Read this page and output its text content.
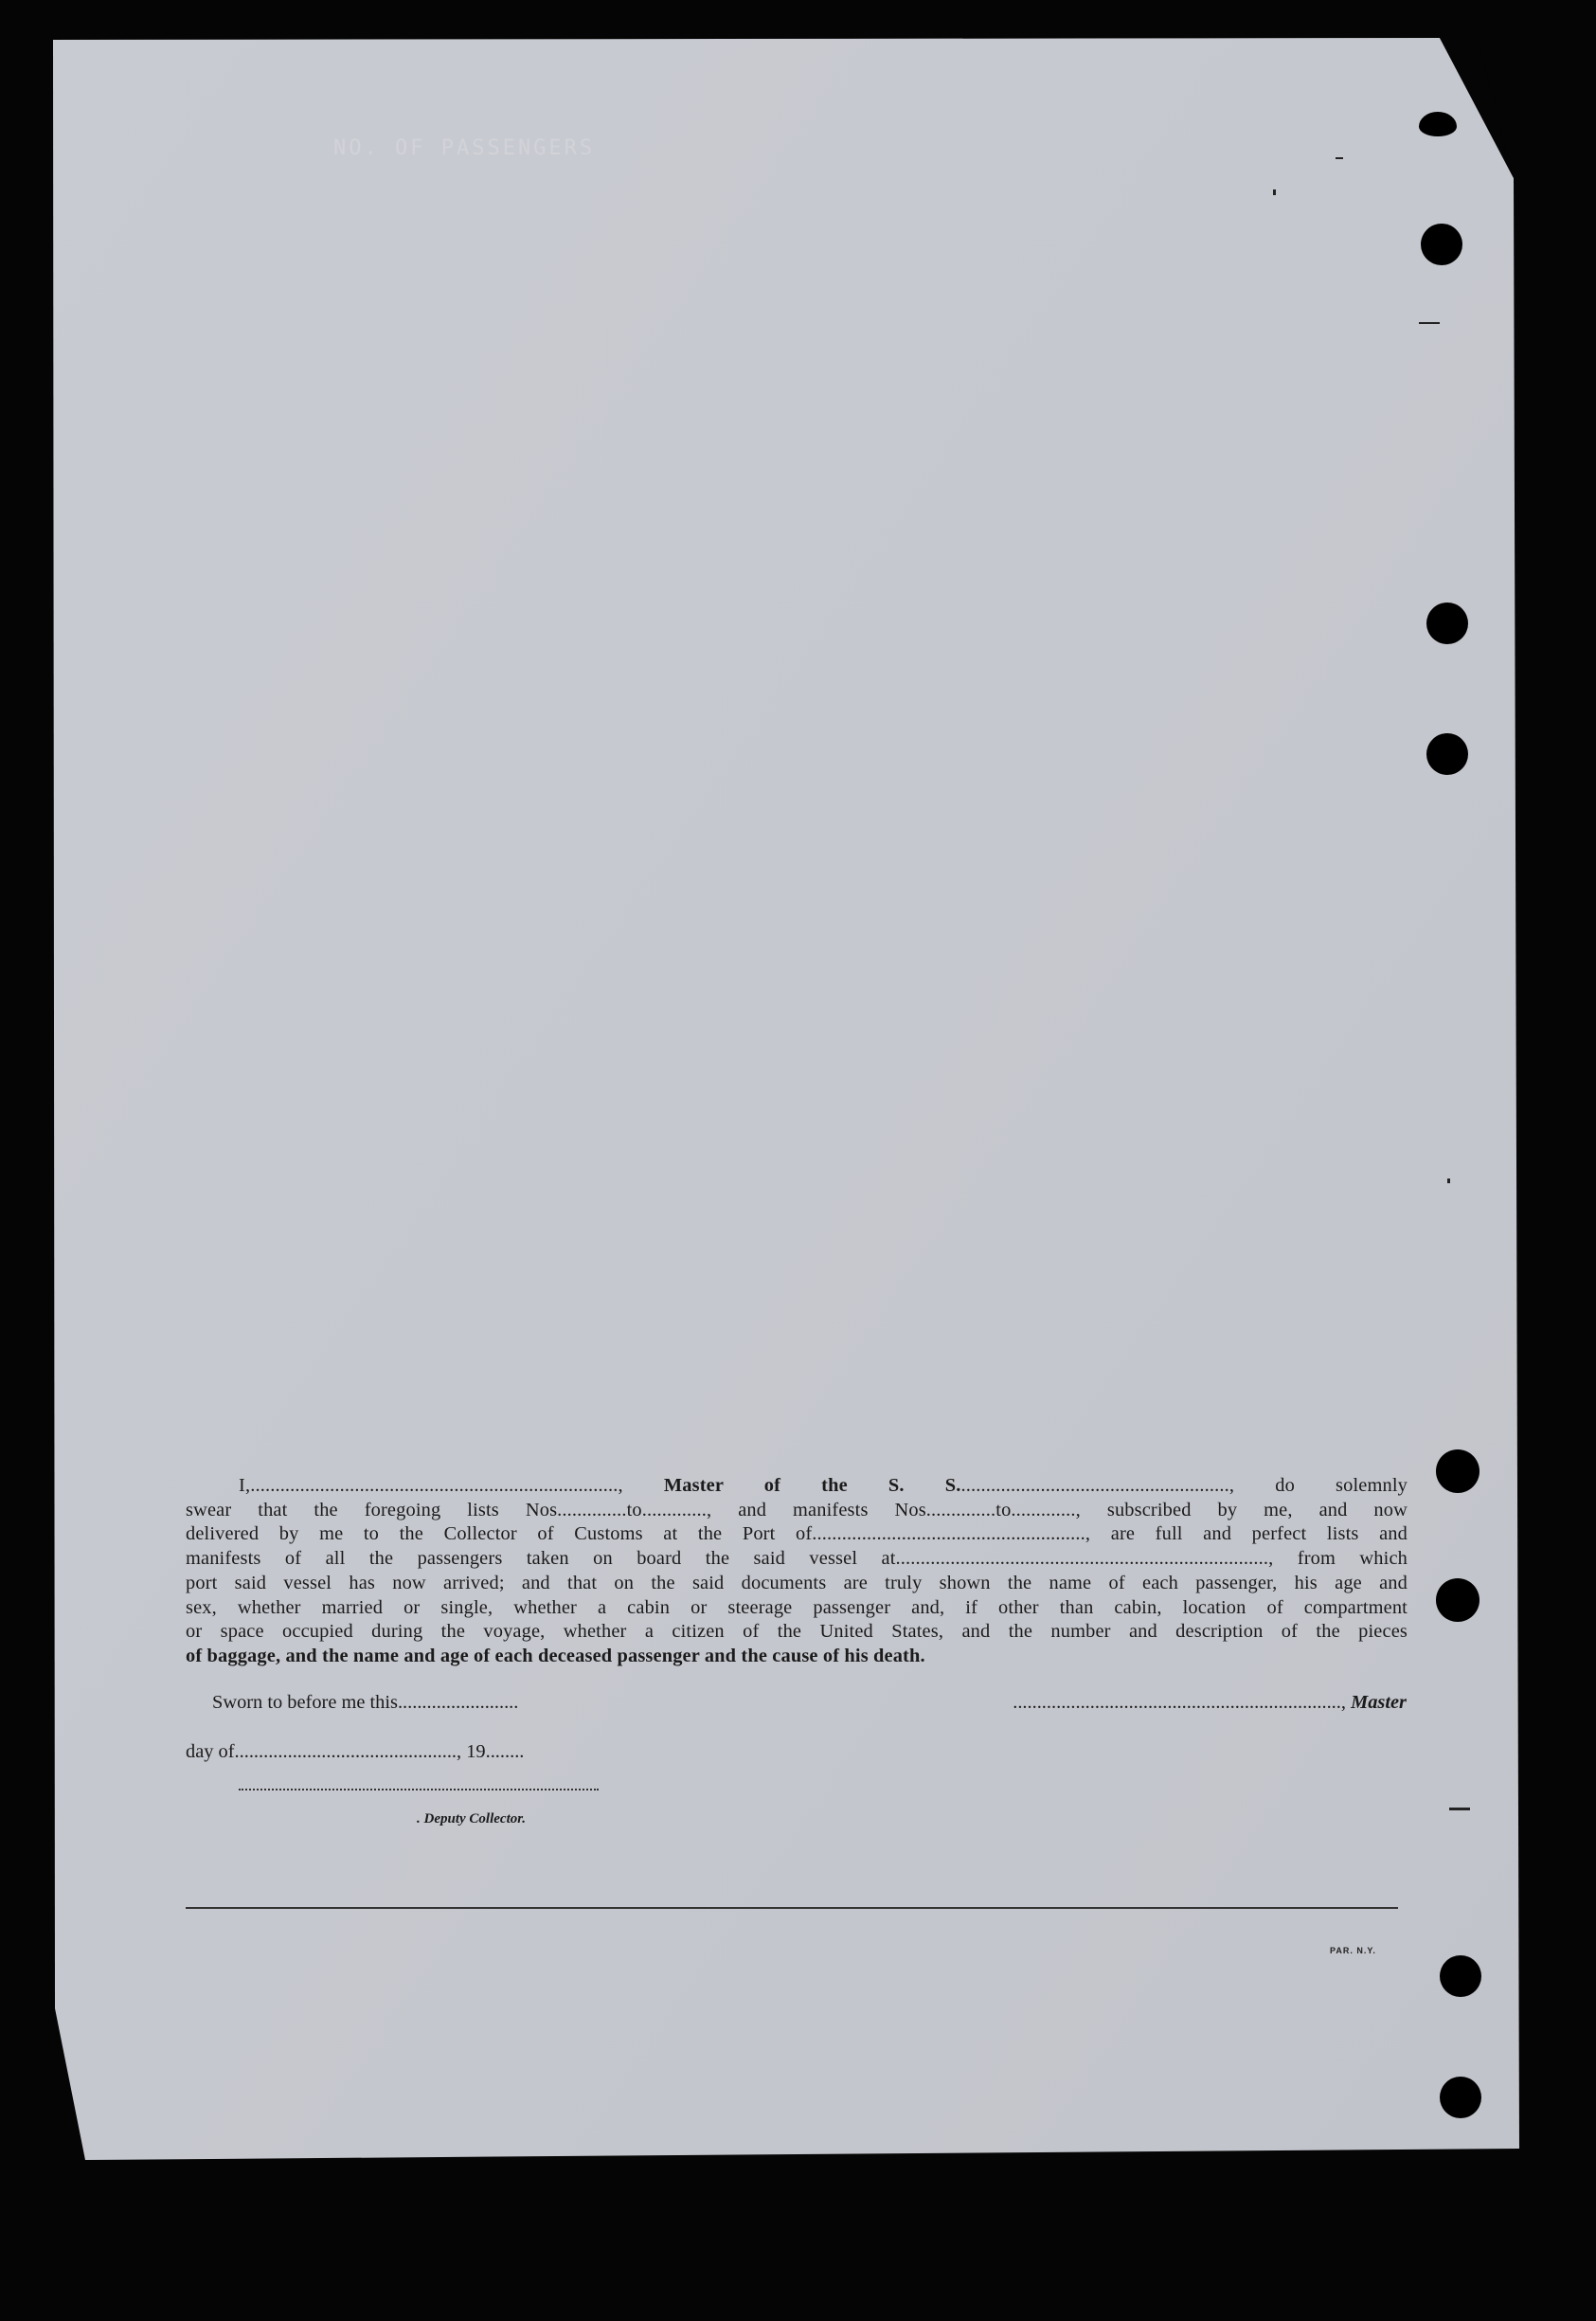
NO. OF PASSENGERS
I,.........................................................................., Master of the S. S......................................................., do solemnly
swear that the foregoing lists Nos..............to............., and manifests Nos..............to............., subscribed by me, and now
delivered by me to the Collector of Customs at the Port of......................................................., are full and perfect lists and
manifests of all the passengers taken on board the said vessel at..........................................................................., from which
port said vessel has now arrived; and that on the said documents are truly shown the name of each passenger, his age and
sex, whether married or single, whether a cabin or steerage passenger and, if other than cabin, location of compartment
or space occupied during the voyage, whether a citizen of the United States, and the number and description of the pieces
of baggage, and the name and age of each deceased passenger and the cause of his death.
Sworn to before me this.........................	...................................................................., Master
day of.............................................., 19........
. Deputy Collector.
PAR. N.Y.
